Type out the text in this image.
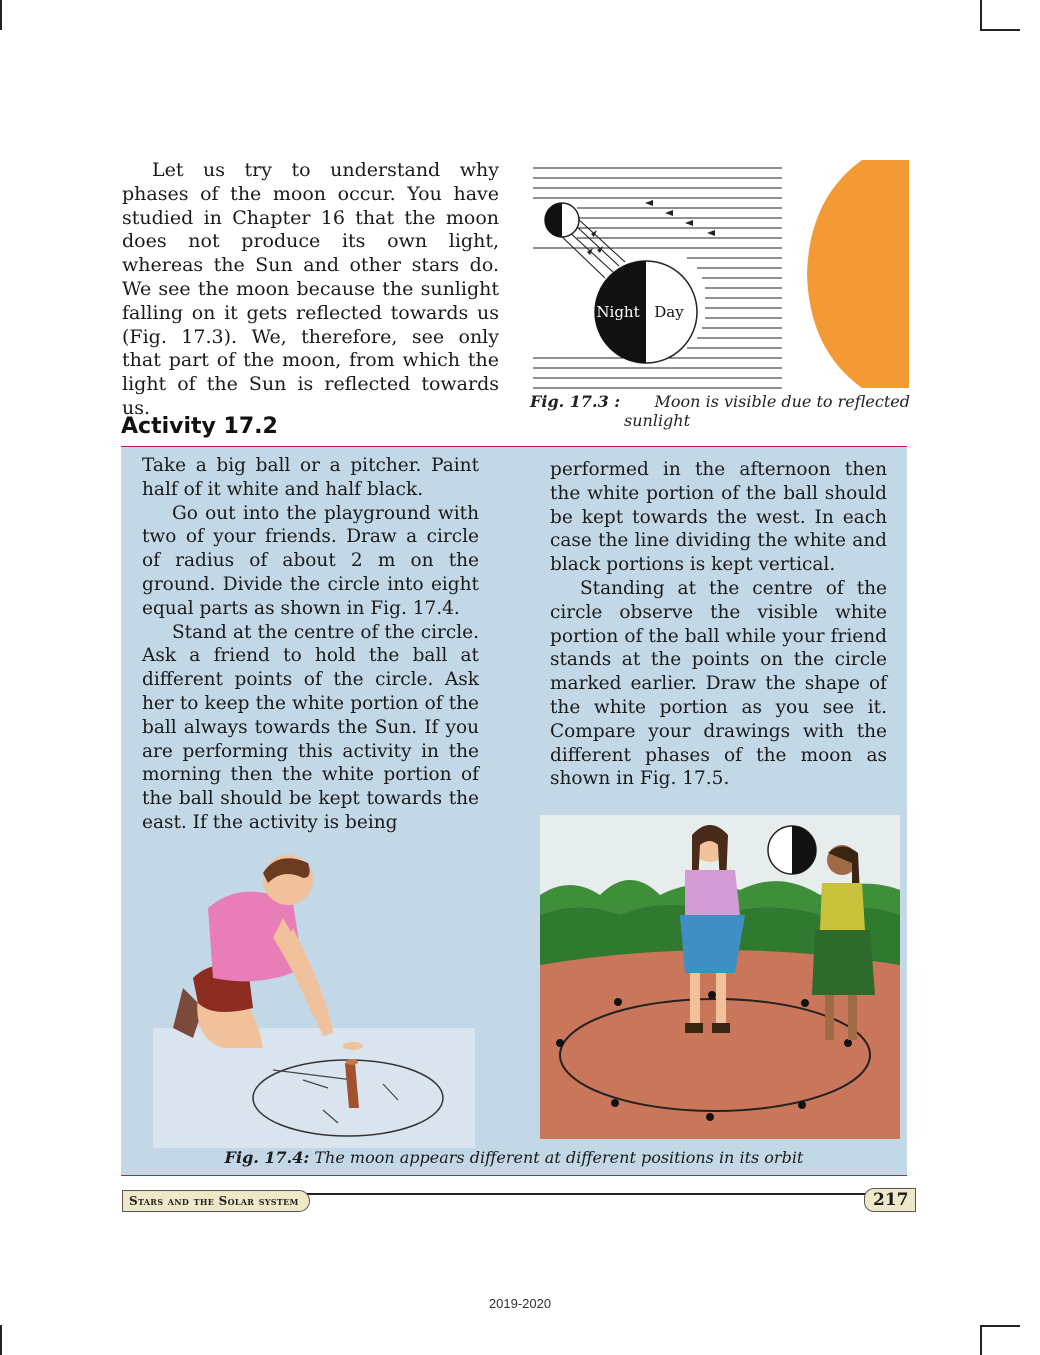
Let us try to understand why phases of the moon occur. You have studied in Chapter 16 that the moon does not produce its own light, whereas the Sun and other stars do. We see the moon because the sunlight falling on it gets reflected towards us (Fig. 17.3). We, therefore, see only that part of the moon, from which the light of the Sun is reflected towards us.

Night Day
Fig. 17.3 : Moon is visible due to reflected
sunlight
Activity 17.2

Take a big ball or a pitcher. Paint half of it white and half black.

Go out into the playground with two of your friends. Draw a circle of radius of about 2 m on the ground. Divide the circle into eight equal parts as shown in Fig. 17.4.

Stand at the centre of the circle. Ask a friend to hold the ball at different points of the circle. Ask her to keep the white portion of the ball always towards the Sun. If you are performing this activity in the morning then the white portion of the ball should be kept towards the east. If the activity is being

performed in the afternoon then the white portion of the ball should be kept towards the west. In each case the line dividing the white and black portions is kept vertical.

Standing at the centre of the circle observe the visible white portion of the ball while your friend stands at the points on the circle marked earlier. Draw the shape of the white portion as you see it. Compare your drawings with the different phases of the moon as shown in Fig. 17.5.

Fig. 17.4: The moon appears different at different positions in its orbit
Stars and the Solar system	217
2019-2020
